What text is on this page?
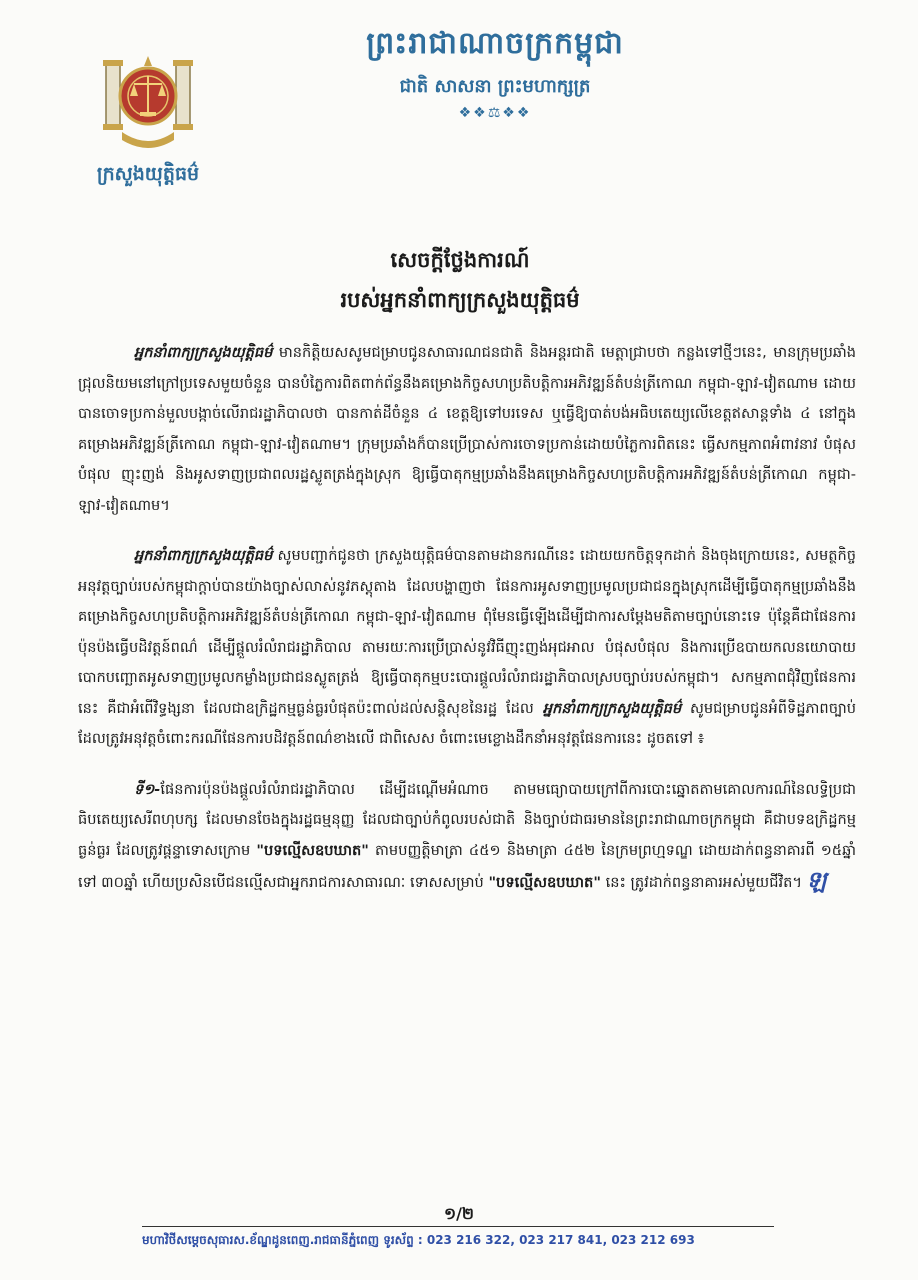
ព្រះរាជាណាចក្រកម្ពុជា
ជាតិ សាសនា ព្រះមហាក្សត្រ
❖❖⚖❖❖
ក្រសួងយុត្តិធម៌
សេចក្តីថ្លែងការណ៍
របស់អ្នកនាំពាក្យក្រសួងយុត្តិធម៌

អ្នកនាំពាក្យក្រសួងយុត្តិធម៌ មានកិត្តិយសសូមជម្រាបជូនសាធារណជនជាតិ និងអន្តរជាតិ មេត្តាជ្រាបថា កន្លងទៅថ្មីៗនេះ, មានក្រុមប្រឆាំងជ្រុលនិយមនៅក្រៅប្រទេសមួយចំនួន បានបំភ្លៃការពិតពាក់ព័ន្ធនឹងគម្រោងកិច្ចសហប្រតិបត្តិការអភិវឌ្ឍន៍តំបន់ត្រីកោណ កម្ពុជា-ឡាវ-វៀតណាម ដោយបានចោទប្រកាន់មួលបង្កាច់លើរាជរដ្ឋាភិបាលថា បានកាត់ដីចំនួន ៤ ខេត្តឱ្យទៅបរទេស ឬធ្វើឱ្យបាត់បង់អធិបតេយ្យលើខេត្តឥសាន្តទាំង ៤ នៅក្នុងគម្រោងអភិវឌ្ឍន៍ត្រីកោណ កម្ពុជា-ឡាវ-វៀតណាម។ ក្រុមប្រឆាំងក៏បានប្រើប្រាស់ការចោទប្រកាន់ដោយបំភ្លៃការពិតនេះ ធ្វើសកម្មភាពអំពាវនាវ បំផុសបំផុល ញុះញង់ និងអូសទាញប្រជាពលរដ្ឋស្លូតត្រង់ក្នុងស្រុក ឱ្យធ្វើបាតុកម្មប្រឆាំងនឹងគម្រោងកិច្ចសហប្រតិបត្តិការអភិវឌ្ឍន៍តំបន់ត្រីកោណ កម្ពុជា-ឡាវ-វៀតណាម។

អ្នកនាំពាក្យក្រសួងយុត្តិធម៌ សូមបញ្ជាក់ជូនថា ក្រសួងយុត្តិធម៌បានតាមដានករណីនេះ ដោយយកចិត្តទុកដាក់ និងចុងក្រោយនេះ, សមត្ថកិច្ចអនុវត្តច្បាប់របស់កម្ពុជាក្តាប់បានយ៉ាងច្បាស់លាស់នូវភស្តុតាង ដែលបង្ហាញថា ផែនការអូសទាញប្រមូលប្រជាជនក្នុងស្រុកដើម្បីធ្វើបាតុកម្មប្រឆាំងនឹងគម្រោងកិច្ចសហប្រតិបត្តិការអភិវឌ្ឍន៍តំបន់ត្រីកោណ កម្ពុជា-ឡាវ-វៀតណាម ពុំមែនធ្វើឡើងដើម្បីជាការសម្តែងមតិតាមច្បាប់នោះទេ ប៉ុន្តែគឺជាផែនការប៉ុនប៉ងធ្វើបដិវត្តន៍ពណ៌ ដើម្បីផ្តួលរំលំរាជរដ្ឋាភិបាល តាមរយៈការប្រើប្រាស់នូវវិធីញុះញង់អុជអាល បំផុសបំផុល និងការប្រើឧបាយកលនយោបាយបោកបញ្ឆោតអូសទាញប្រមូលកម្លាំងប្រជាជនស្លូតត្រង់ ឱ្យធ្វើបាតុកម្មបះបោរផ្តួលរំលំរាជរដ្ឋាភិបាលស្របច្បាប់របស់កម្ពុជា។ សកម្មភាពជុំវិញផែនការនេះ គឺជាអំពើវិទ្ធង្សនា ដែលជាឧក្រិដ្ឋកម្មធ្ងន់ធ្ងរបំផុតប៉ះពាល់ដល់សន្តិសុខនៃរដ្ឋ ដែល អ្នកនាំពាក្យក្រសួងយុត្តិធម៌ សូមជម្រាបជូនអំពីទិដ្ឋភាពច្បាប់ ដែលត្រូវអនុវត្តចំពោះករណីផែនការបដិវត្តន៍ពណ៌ខាងលើ ជាពិសេស ចំពោះមេខ្លោងដឹកនាំអនុវត្តផែនការនេះ ដូចតទៅ ៖

ទី១-ផែនការប៉ុនប៉ងផ្តួលរំលំរាជរដ្ឋាភិបាល ដើម្បីដណ្តើមអំណាច តាមមធ្យោបាយក្រៅពីការបោះឆ្នោតតាមគោលការណ៍នៃលទ្ធិប្រជាធិបតេយ្យសេរីពហុបក្ស ដែលមានចែងក្នុងរដ្ឋធម្មនុញ្ញ ដែលជាច្បាប់កំពូលរបស់ជាតិ និងច្បាប់ជាធរមាននៃព្រះរាជាណាចក្រកម្ពុជា គឺជាបទឧក្រិដ្ឋកម្មធ្ងន់ធ្ងរ ដែលត្រូវផ្តន្ទាទោសក្រោម "បទល្មើសឧបឃាត" តាមបញ្ញត្តិមាត្រា ៤៥១ និងមាត្រា ៤៥២ នៃក្រមព្រហ្មទណ្ឌ ដោយដាក់ពន្ធនាគារពី ១៥ឆ្នាំ ទៅ ៣០ឆ្នាំ ហើយប្រសិនបើជនល្មើសជាអ្នករាជការសាធារណៈ ទោសសម្រាប់ "បទល្មើសឧបឃាត" នេះ ត្រូវដាក់ពន្ធនាគារអស់មួយជីវិត។ ឡ

១/២
មហាវិថីសម្តេចសុធារស.ខ័ណ្ឌដូនពេញ.រាជធានីភ្នំពេញ ទូរស័ព្ទ : 023 216 322, 023 217 841, 023 212 693
